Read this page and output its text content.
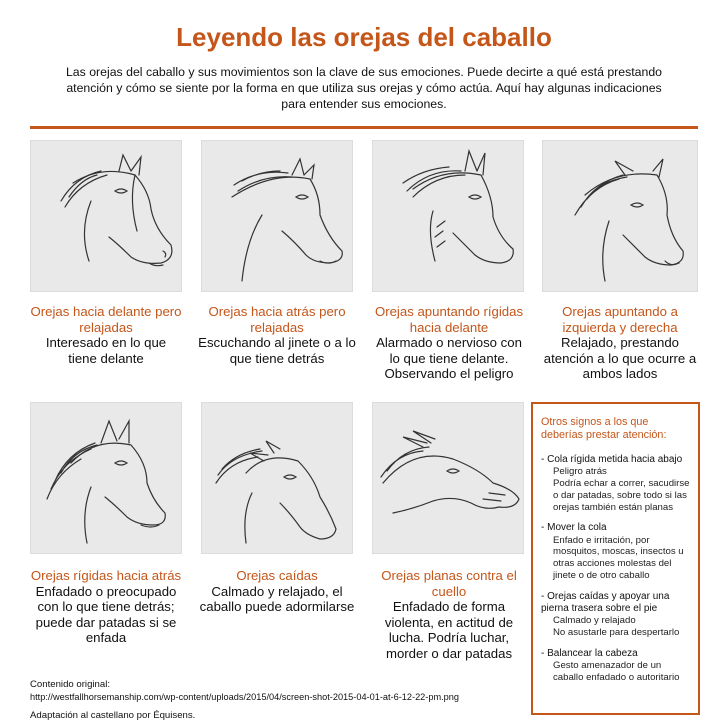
Leyendo las orejas del caballo
Las orejas del caballo y sus movimientos son la clave de sus emociones. Puede decirte a qué está prestando atención y cómo se siente por la forma en que utiliza sus orejas y cómo actúa. Aquí hay algunas indicaciones para entender sus emociones.
Orejas hacia delante pero relajadas
Interesado en lo que tiene delante
Orejas hacia atrás pero relajadas
Escuchando al jinete o a lo que tiene detrás
Orejas apuntando rígidas hacia delante
Alarmado o nervioso con lo que tiene delante. Observando el peligro
Orejas apuntando a izquierda y derecha
Relajado, prestando atención a lo que ocurre a ambos lados
Orejas rígidas hacia atrás
Enfadado o preocupado con lo que tiene detrás; puede dar patadas si se enfada
Orejas caídas
Calmado y relajado, el caballo puede adormilarse
Orejas planas contra el cuello
Enfadado de forma violenta, en actitud de lucha. Podría luchar, morder o dar patadas
Otros signos a los que deberías prestar atención:
- Cola rígida metida hacia abajo
Peligro atrás
Podría echar a correr, sacudirse o dar patadas, sobre todo si las orejas también están planas
- Mover la cola
Enfado e irritación, por mosquitos, moscas, insectos u otras acciones molestas del jinete o de otro caballo
- Orejas caídas y apoyar una pierna trasera sobre el pie
Calmado y relajado
No asustarle para despertarlo
- Balancear la cabeza
Gesto amenazador de un caballo enfadado o autoritario
Contenido original:
http://westfallhorsemanship.com/wp-content/uploads/2015/04/screen-shot-2015-04-01-at-6-12-22-pm.png
Adaptación al castellano por Équisens.
